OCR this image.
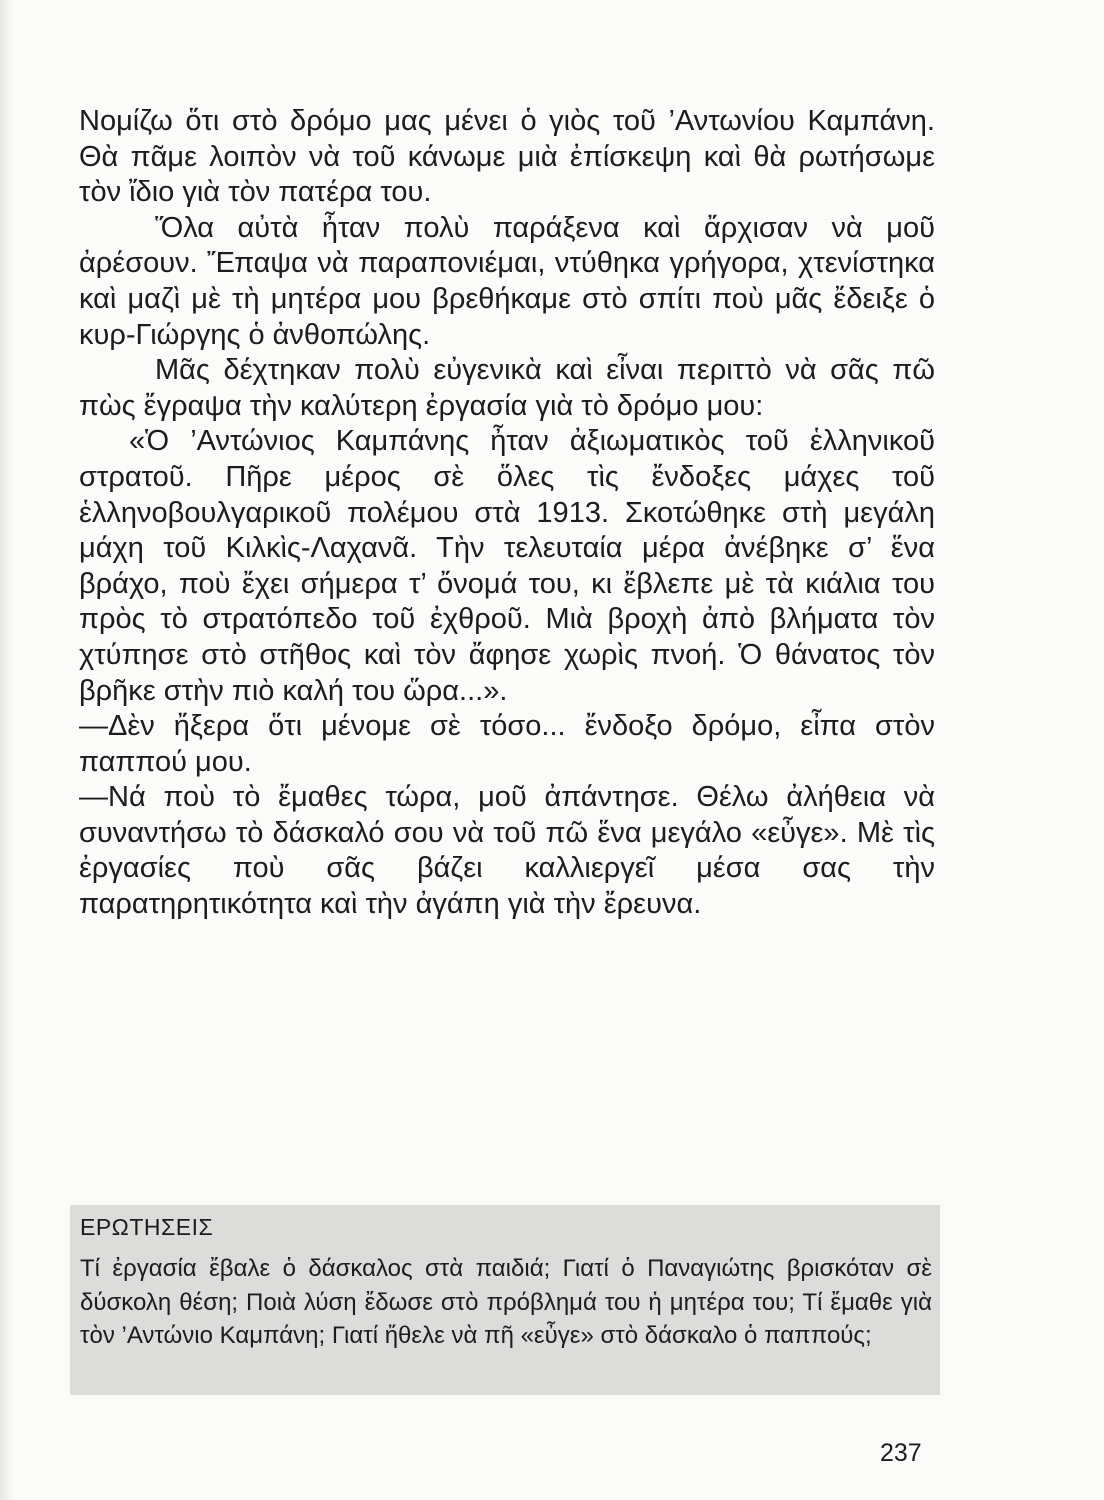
Νομίζω ὅτι στὸ δρόμο μας μένει ὁ γιὸς τοῦ ’Αντωνίου Καμπάνη. Θὰ πᾶμε λοιπὸν νὰ τοῦ κάνωμε μιὰ ἐπίσκεψη καὶ θὰ ρωτήσωμε τὸν ἴδιο γιὰ τὸν πατέρα του.

Ὅλα αὐτὰ ἦταν πολὺ παράξενα καὶ ἄρχισαν νὰ μοῦ ἀρέσουν. Ἔπαψα νὰ παραπονιέμαι, ντύθηκα γρήγορα, χτενίστηκα καὶ μαζὶ μὲ τὴ μητέρα μου βρεθήκαμε στὸ σπίτι ποὺ μᾶς ἔδειξε ὁ κυρ-Γιώργης ὁ ἀνθοπώλης.

Μᾶς δέχτηκαν πολὺ εὐγενικὰ καὶ εἶναι περιττὸ νὰ σᾶς πῶ πὼς ἔγραψα τὴν καλύτερη ἐργασία γιὰ τὸ δρόμο μου:

«Ὁ ’Αντώνιος Καμπάνης ἦταν ἀξιωματικὸς τοῦ ἑλληνικοῦ στρατοῦ. Πῆρε μέρος σὲ ὅλες τὶς ἔνδοξες μάχες τοῦ ἑλληνοβουλγαρικοῦ πολέμου στὰ 1913. Σκοτώθηκε στὴ μεγάλη μάχη τοῦ Κιλκὶς-Λαχανᾶ. Τὴν τελευταία μέρα ἀνέβηκε σ’ ἕνα βράχο, ποὺ ἔχει σήμερα τ’ ὄνομά του, κι ἔβλεπε μὲ τὰ κιάλια του πρὸς τὸ στρατόπεδο τοῦ ἐχθροῦ. Μιὰ βροχὴ ἀπὸ βλήματα τὸν χτύπησε στὸ στῆθος καὶ τὸν ἄφησε χωρὶς πνοή. Ὁ θάνατος τὸν βρῆκε στὴν πιὸ καλή του ὥρα...».

—Δὲν ἤξερα ὅτι μένομε σὲ τόσο... ἔνδοξο δρόμο, εἶπα στὸν παππού μου.

—Νά ποὺ τὸ ἔμαθες τώρα, μοῦ ἀπάντησε. Θέλω ἀλήθεια νὰ συναντήσω τὸ δάσκαλό σου νὰ τοῦ πῶ ἕνα μεγάλο «εὖγε». Μὲ τὶς ἐργασίες ποὺ σᾶς βάζει καλλιεργεῖ μέσα σας τὴν παρατηρητικότητα καὶ τὴν ἀγάπη γιὰ τὴν ἔρευνα.

ΕΡΩΤΗΣΕΙΣ

Τί ἐργασία ἔβαλε ὁ δάσκαλος στὰ παιδιά; Γιατί ὁ Παναγιώτης βρισκόταν σὲ δύσκολη θέση; Ποιὰ λύση ἔδωσε στὸ πρόβλημά του ἡ μητέρα του; Τί ἔμαθε γιὰ τὸν ’Αντώνιο Καμπάνη; Γιατί ἤθελε νὰ πῆ «εὖγε» στὸ δάσκαλο ὁ παππούς;

237
